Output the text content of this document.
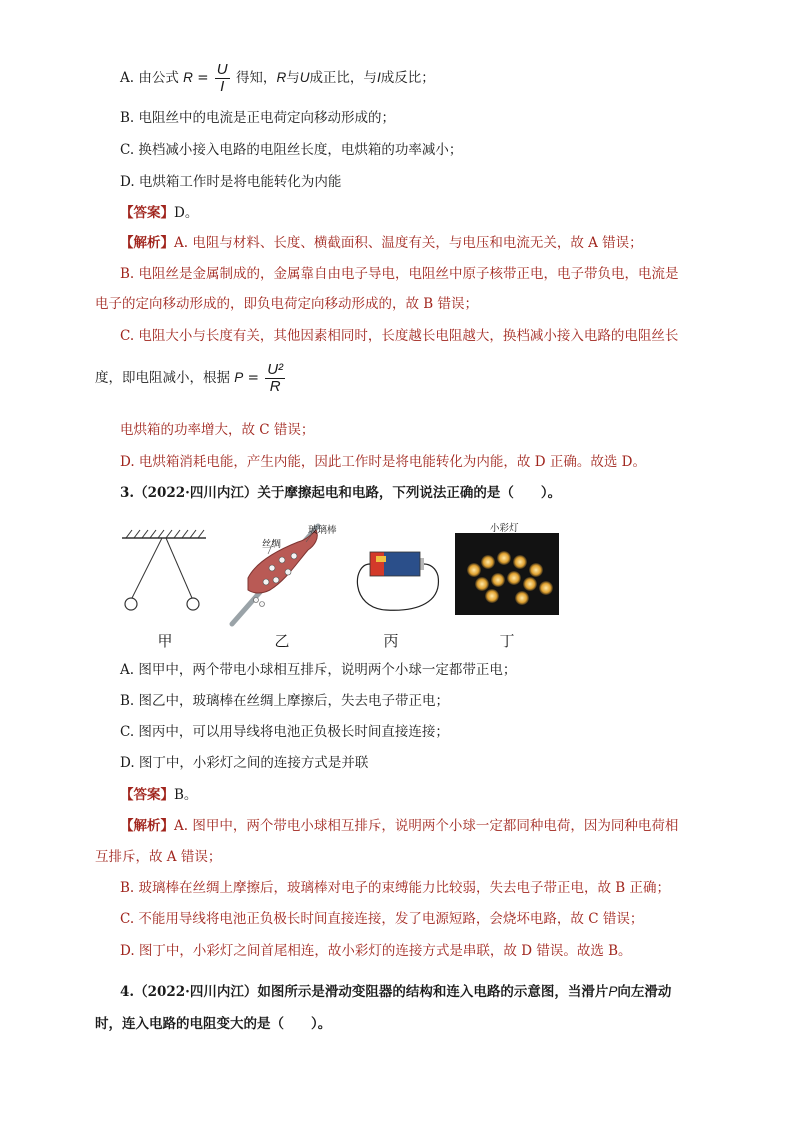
A. 由公式 $R = \frac{U}{I}$ 得知，R与U成正比，与I成反比；
B. 电阻丝中的电流是正电荷定向移动形成的；
C. 换档减小接入电路的电阻丝长度，电烘箱的功率减小；
D. 电烘箱工作时是将电能转化为内能
【答案】D。
【解析】A. 电阻与材料、长度、横截面积、温度有关，与电压和电流无关，故 A 错误；
B. 电阻丝是金属制成的，金属靠自由电子导电，电阻丝中原子核带正电，电子带负电，电流是
电子的定向移动形成的，即负电荷定向移动形成的，故 B 错误；
C. 电阻大小与长度有关，其他因素相同时，长度越长电阻越大，换档减小接入电路的电阻丝长
度，即电阻减小，根据 $P = \frac{\text{U²}}{R}$
电烘箱的功率增大，故 C 错误；
D. 电烘箱消耗电能，产生内能，因此工作时是将电能转化为内能，故 D 正确。故选 D。
3.（2022·四川内江）关于摩擦起电和电路，下列说法正确的是（　　）。
丝绸
玻璃棒	小彩灯
甲	乙	丙	丁
A. 图甲中，两个带电小球相互排斥，说明两个小球一定都带正电；
B. 图乙中，玻璃棒在丝绸上摩擦后，失去电子带正电；
C. 图丙中，可以用导线将电池正负极长时间直接连接；
D. 图丁中，小彩灯之间的连接方式是并联
【答案】B。
【解析】A. 图甲中，两个带电小球相互排斥，说明两个小球一定都同种电荷，因为同种电荷相
互排斥，故 A 错误；
B. 玻璃棒在丝绸上摩擦后，玻璃棒对电子的束缚能力比较弱，失去电子带正电，故 B 正确；
C. 不能用导线将电池正负极长时间直接连接，发了电源短路，会烧坏电路，故 C 错误；
D. 图丁中，小彩灯之间首尾相连，故小彩灯的连接方式是串联，故 D 错误。故选 B。
4.（2022·四川内江）如图所示是滑动变阻器的结构和连入电路的示意图，当滑片P向左滑动
时，连入电路的电阻变大的是（　　）。
